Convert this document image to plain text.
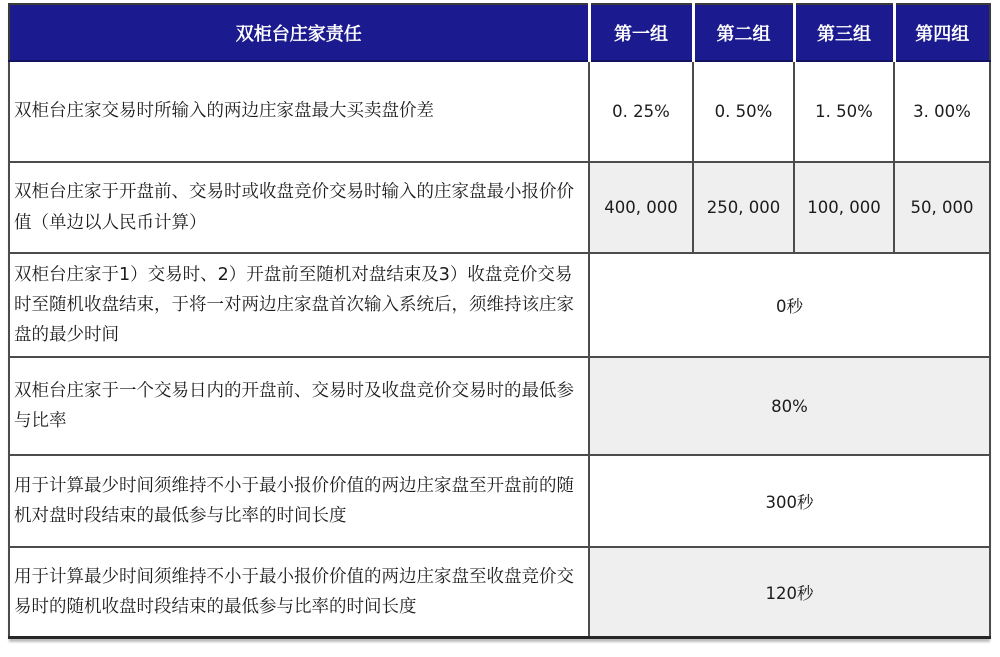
双柜台庄家责任	第一组	第二组	第三组	第四组
双柜台庄家交易时所输入的两边庄家盘最大买卖盘价差	0. 25%	0. 50%	1. 50%	3. 00%
双柜台庄家于开盘前、交易时或收盘竞价交易时输入的庄家盘最小报价价值（单边以人民币计算）	400, 000	250, 000	100, 000	50, 000
双柜台庄家于1）交易时、2）开盘前至随机对盘结束及3）收盘竞价交易时至随机收盘结束，于将一对两边庄家盘首次输入系统后，须维持该庄家盘的最少时间	0秒			
双柜台庄家于一个交易日内的开盘前、交易时及收盘竞价交易时的最低参与比率	80%			
用于计算最少时间须维持不小于最小报价价值的两边庄家盘至开盘前的随机对盘时段结束的最低参与比率的时间长度	300秒			
用于计算最少时间须维持不小于最小报价价值的两边庄家盘至收盘竞价交易时的随机收盘时段结束的最低参与比率的时间长度	120秒			
